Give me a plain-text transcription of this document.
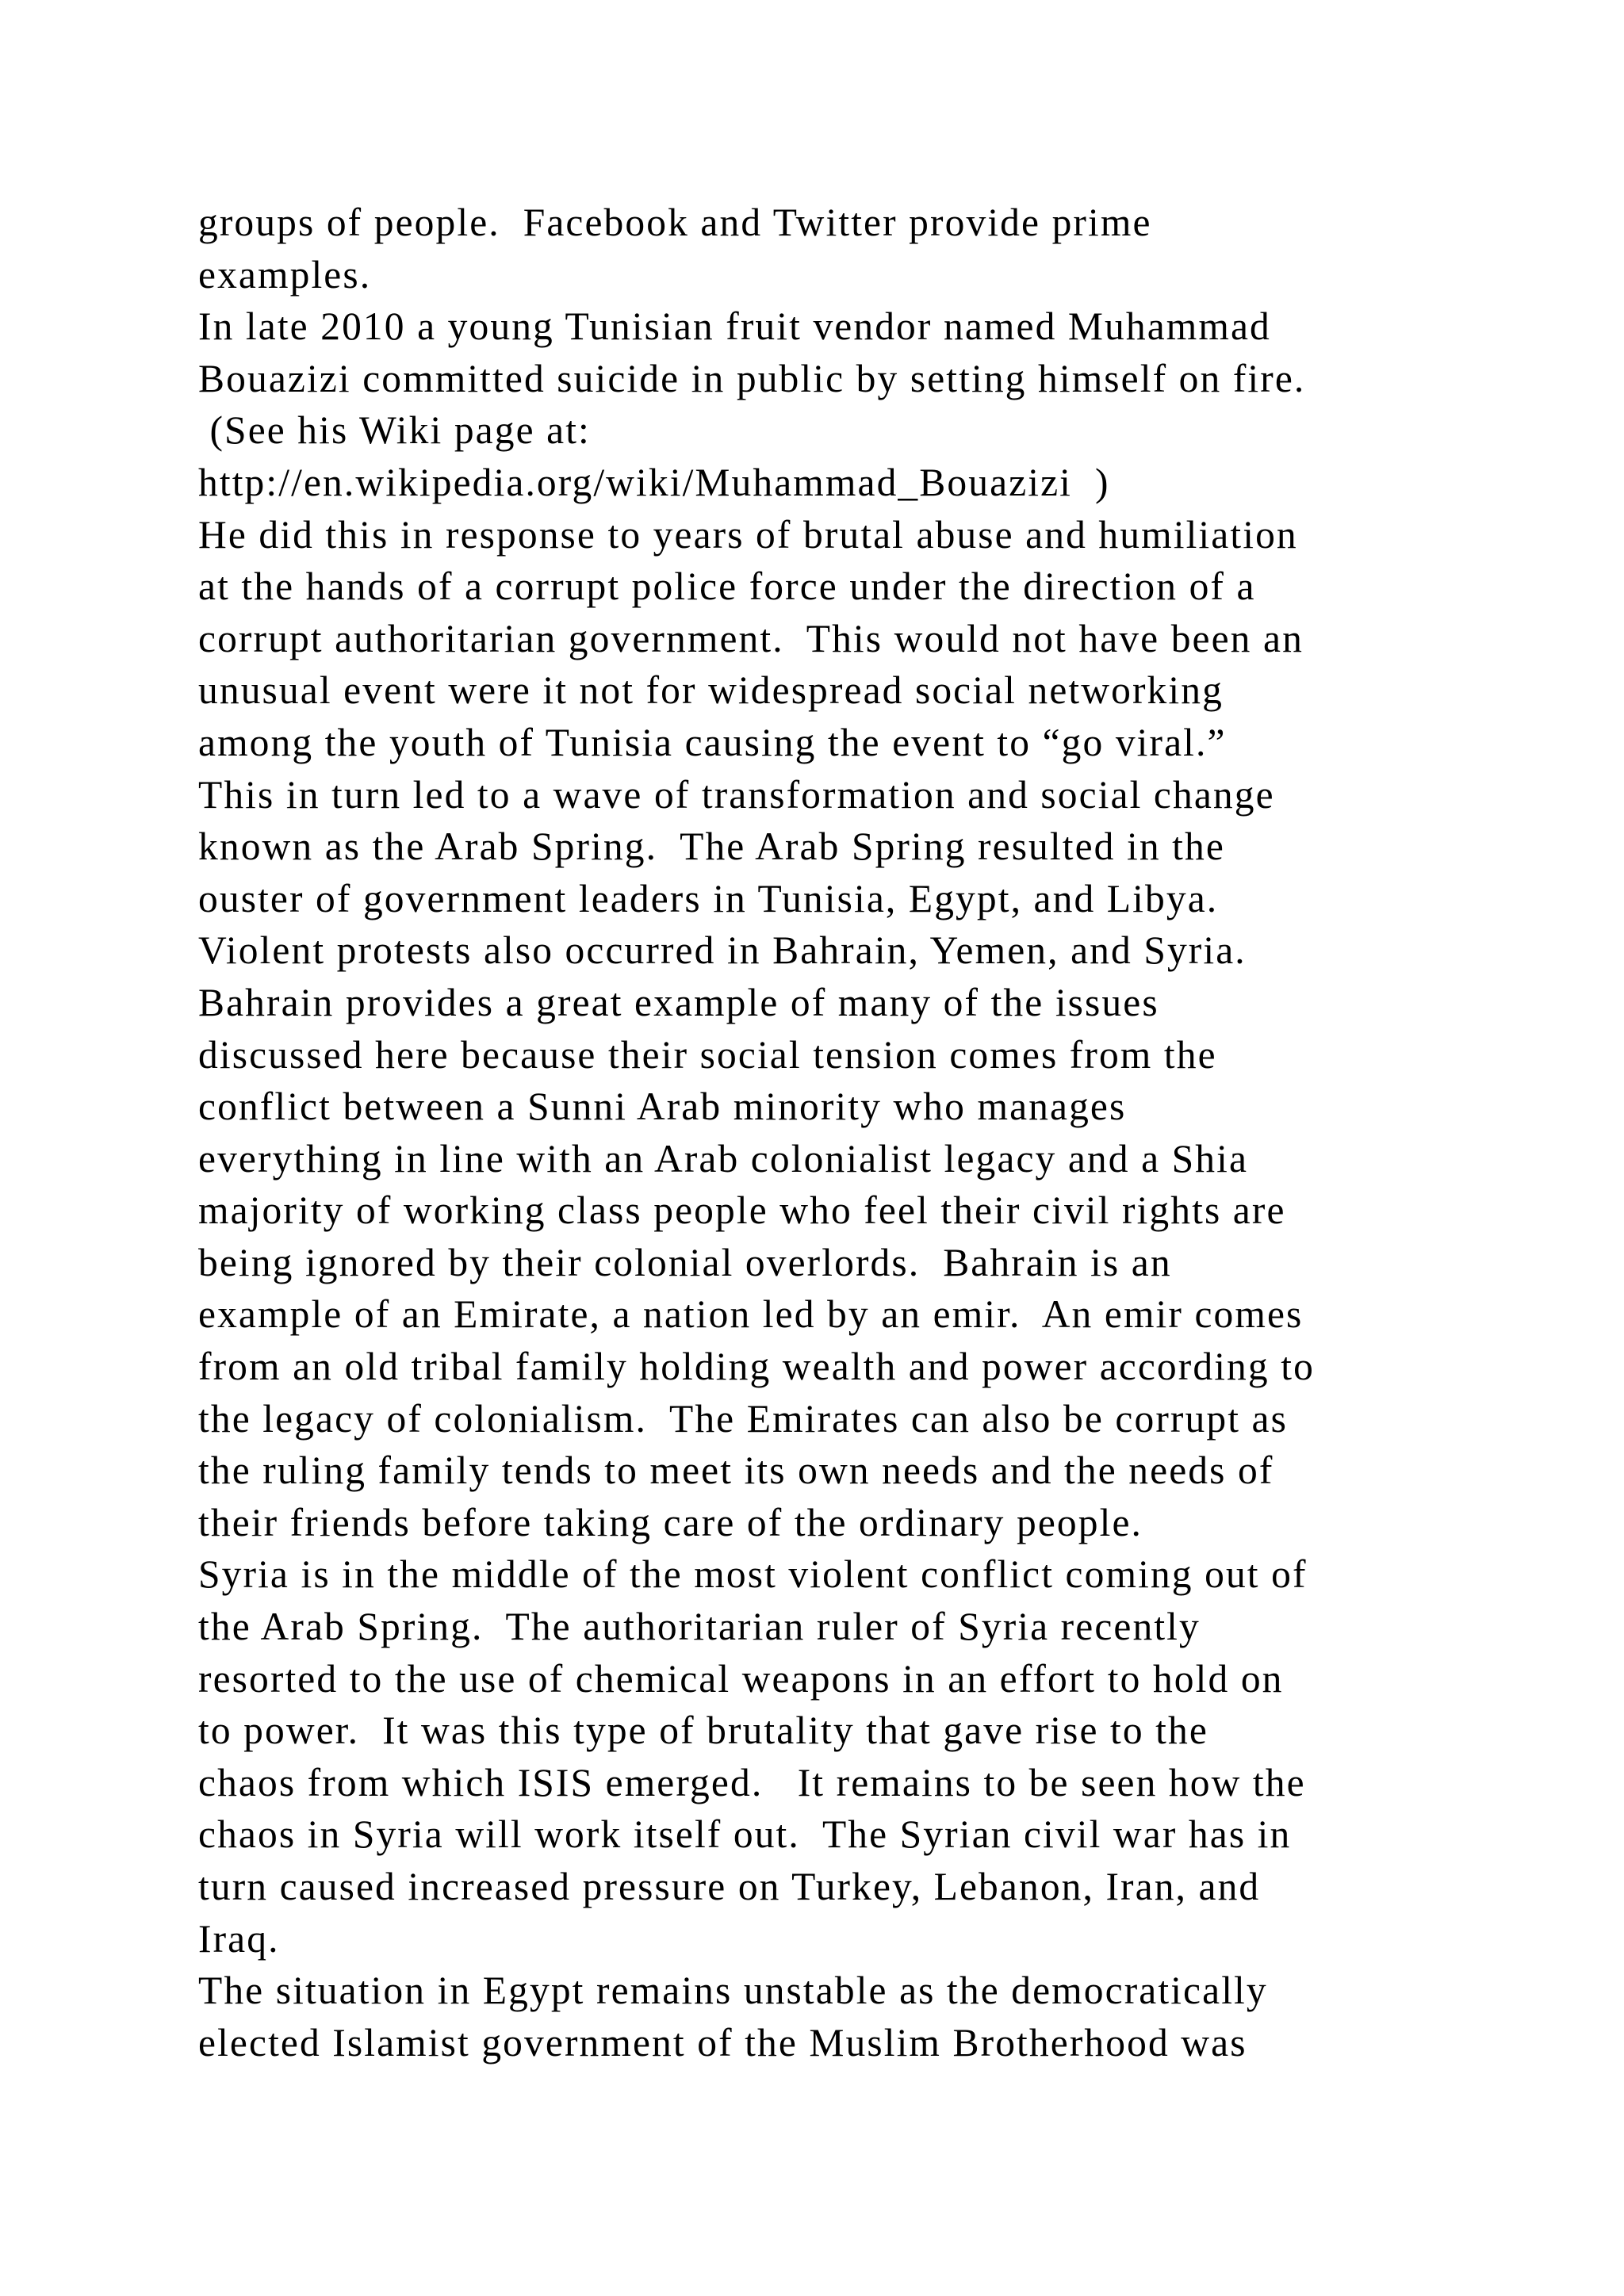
groups of people.  Facebook and Twitter provide prime
examples.
In late 2010 a young Tunisian fruit vendor named Muhammad
Bouazizi committed suicide in public by setting himself on fire.
(See his Wiki page at:
http://en.wikipedia.org/wiki/Muhammad_Bouazizi  )
He did this in response to years of brutal abuse and humiliation
at the hands of a corrupt police force under the direction of a
corrupt authoritarian government.  This would not have been an
unusual event were it not for widespread social networking
among the youth of Tunisia causing the event to “go viral.”
This in turn led to a wave of transformation and social change
known as the Arab Spring.  The Arab Spring resulted in the
ouster of government leaders in Tunisia, Egypt, and Libya.
Violent protests also occurred in Bahrain, Yemen, and Syria.
Bahrain provides a great example of many of the issues
discussed here because their social tension comes from the
conflict between a Sunni Arab minority who manages
everything in line with an Arab colonialist legacy and a Shia
majority of working class people who feel their civil rights are
being ignored by their colonial overlords.  Bahrain is an
example of an Emirate, a nation led by an emir.  An emir comes
from an old tribal family holding wealth and power according to
the legacy of colonialism.  The Emirates can also be corrupt as
the ruling family tends to meet its own needs and the needs of
their friends before taking care of the ordinary people.
Syria is in the middle of the most violent conflict coming out of
the Arab Spring.  The authoritarian ruler of Syria recently
resorted to the use of chemical weapons in an effort to hold on
to power.  It was this type of brutality that gave rise to the
chaos from which ISIS emerged.   It remains to be seen how the
chaos in Syria will work itself out.  The Syrian civil war has in
turn caused increased pressure on Turkey, Lebanon, Iran, and
Iraq.
The situation in Egypt remains unstable as the democratically
elected Islamist government of the Muslim Brotherhood was
